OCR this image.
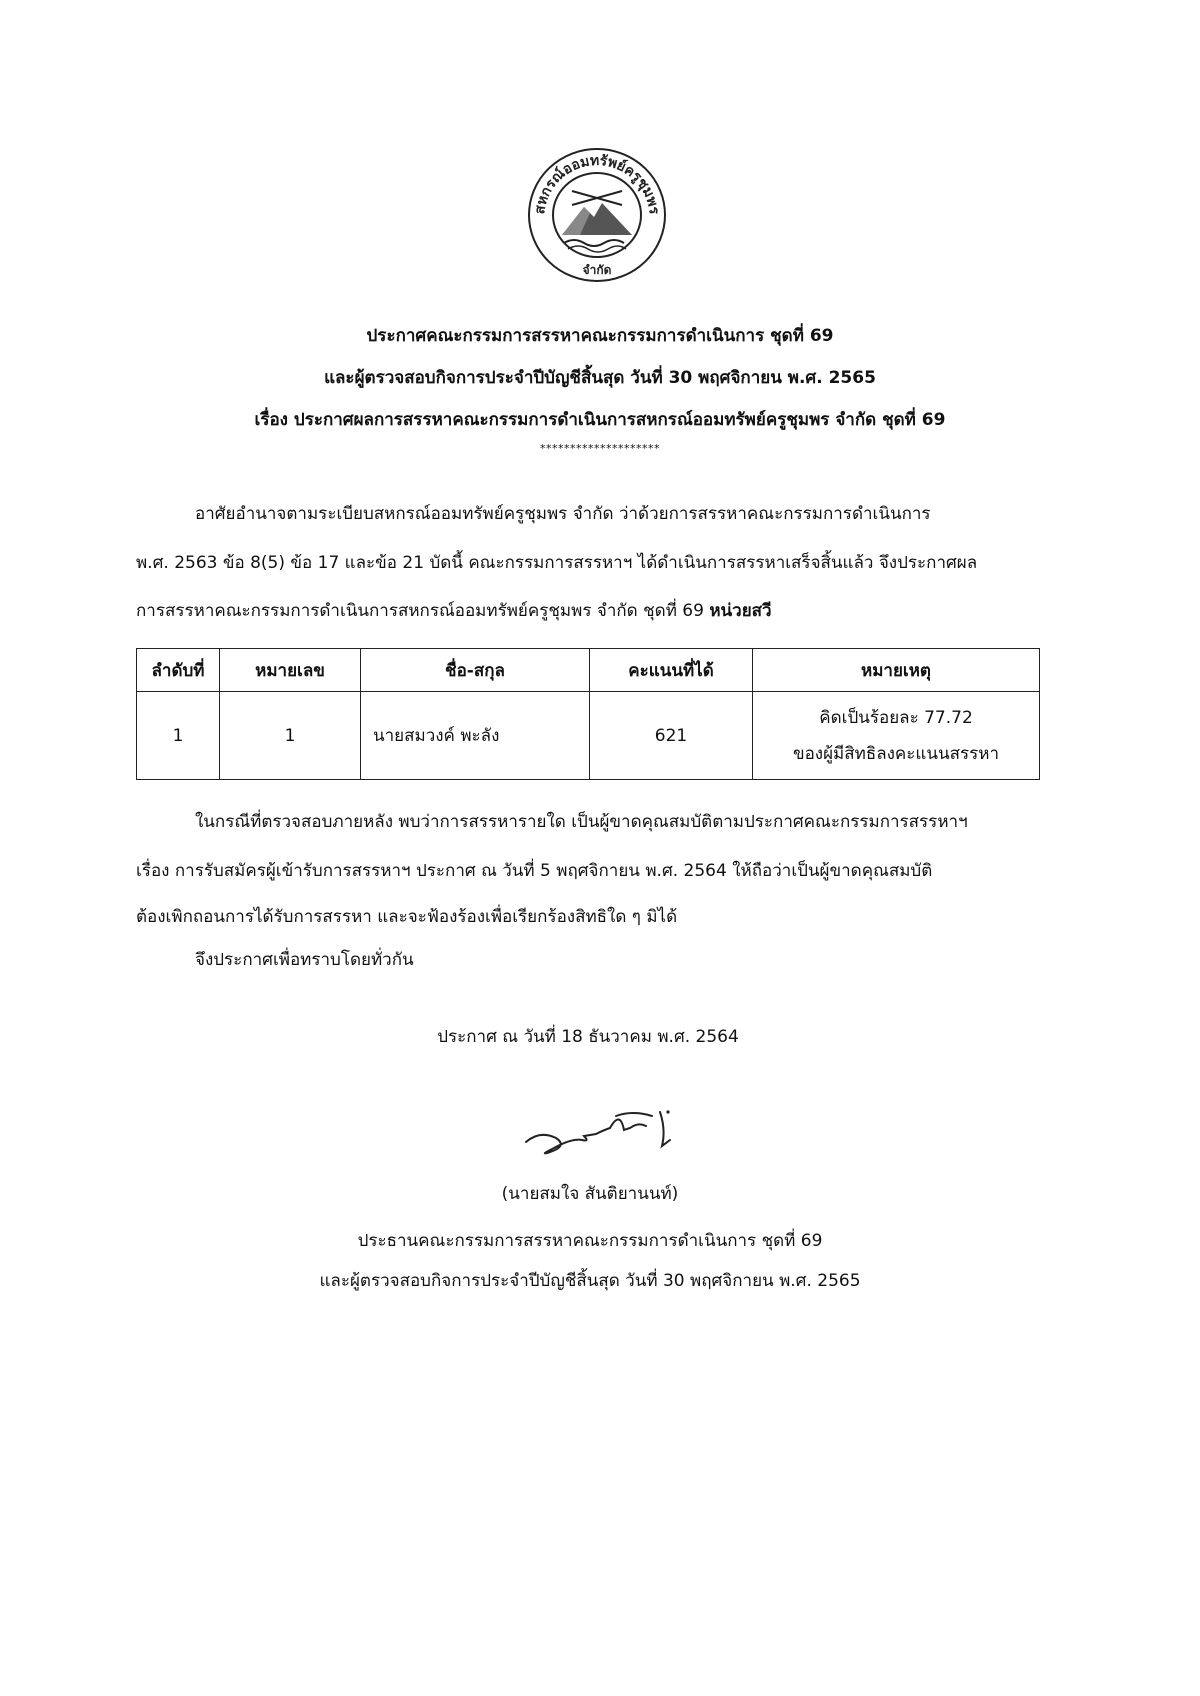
สหกรณ์ออมทรัพย์ครูชุมพร
จำกัด
ประกาศคณะกรรมการสรรหาคณะกรรมการดำเนินการ ชุดที่ 69
และผู้ตรวจสอบกิจการประจำปีบัญชีสิ้นสุด วันที่ 30 พฤศจิกายน พ.ศ. 2565
เรื่อง ประกาศผลการสรรหาคณะกรรมการดำเนินการสหกรณ์ออมทรัพย์ครูชุมพร จำกัด ชุดที่ 69
********************
อาศัยอำนาจตามระเบียบสหกรณ์ออมทรัพย์ครูชุมพร จำกัด ว่าด้วยการสรรหาคณะกรรมการดำเนินการ
พ.ศ. 2563 ข้อ 8(5) ข้อ 17 และข้อ 21 บัดนี้ คณะกรรมการสรรหาฯ ได้ดำเนินการสรรหาเสร็จสิ้นแล้ว จึงประกาศผล
การสรรหาคณะกรรมการดำเนินการสหกรณ์ออมทรัพย์ครูชุมพร จำกัด ชุดที่ 69 หน่วยสวี
ลำดับที่	หมายเลข	ชื่อ-สกุล	คะแนนที่ได้	หมายเหตุ
1	1	นายสมวงค์ พะลัง	621	คิดเป็นร้อยละ 77.72
ของผู้มีสิทธิลงคะแนนสรรหา
ในกรณีที่ตรวจสอบภายหลัง พบว่าการสรรหารายใด เป็นผู้ขาดคุณสมบัติตามประกาศคณะกรรมการสรรหาฯ
เรื่อง การรับสมัครผู้เข้ารับการสรรหาฯ ประกาศ ณ วันที่ 5 พฤศจิกายน พ.ศ. 2564 ให้ถือว่าเป็นผู้ขาดคุณสมบัติ
ต้องเพิกถอนการได้รับการสรรหา และจะฟ้องร้องเพื่อเรียกร้องสิทธิใด ๆ มิได้
จึงประกาศเพื่อทราบโดยทั่วกัน
ประกาศ ณ วันที่ 18 ธันวาคม พ.ศ. 2564
(นายสมใจ สันติยานนท์)
ประธานคณะกรรมการสรรหาคณะกรรมการดำเนินการ ชุดที่ 69
และผู้ตรวจสอบกิจการประจำปีบัญชีสิ้นสุด วันที่ 30 พฤศจิกายน พ.ศ. 2565
